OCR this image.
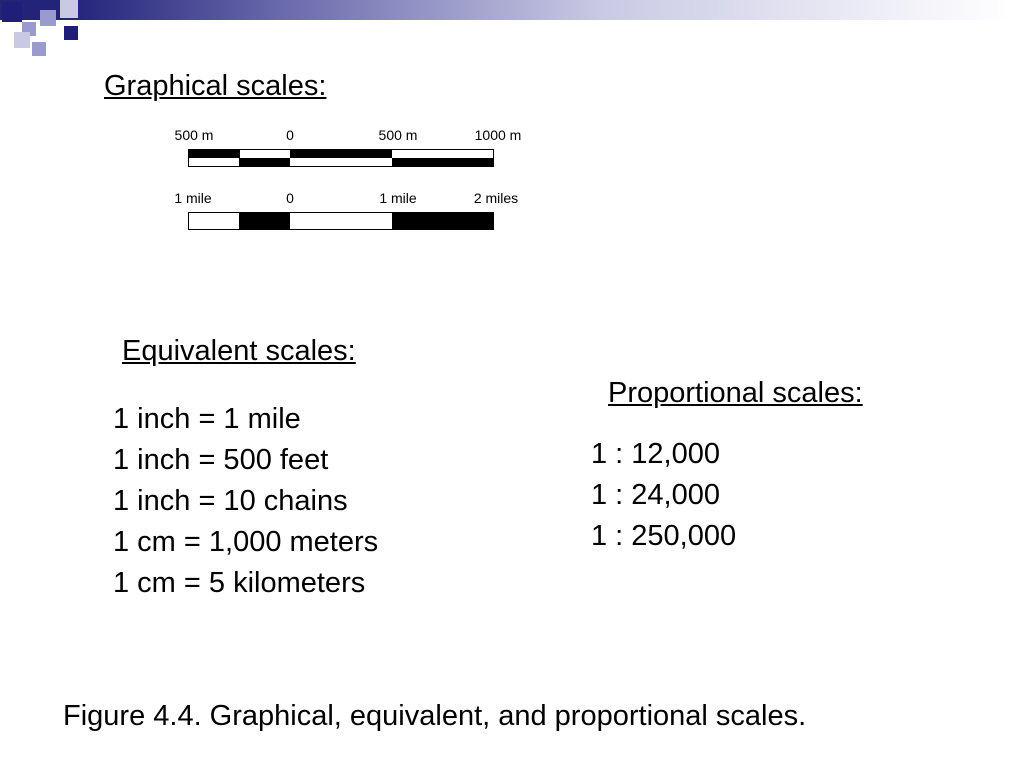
Graphical scales:
500 m	0	500 m	1000 m
1 mile	0	1 mile	2 miles
Equivalent scales:
1 inch = 1 mile
1 inch = 500 feet
1 inch = 10 chains
1 cm = 1,000 meters
1 cm = 5 kilometers
Proportional scales:
1 : 12,000
1 : 24,000
1 : 250,000
Figure 4.4. Graphical, equivalent, and proportional scales.
